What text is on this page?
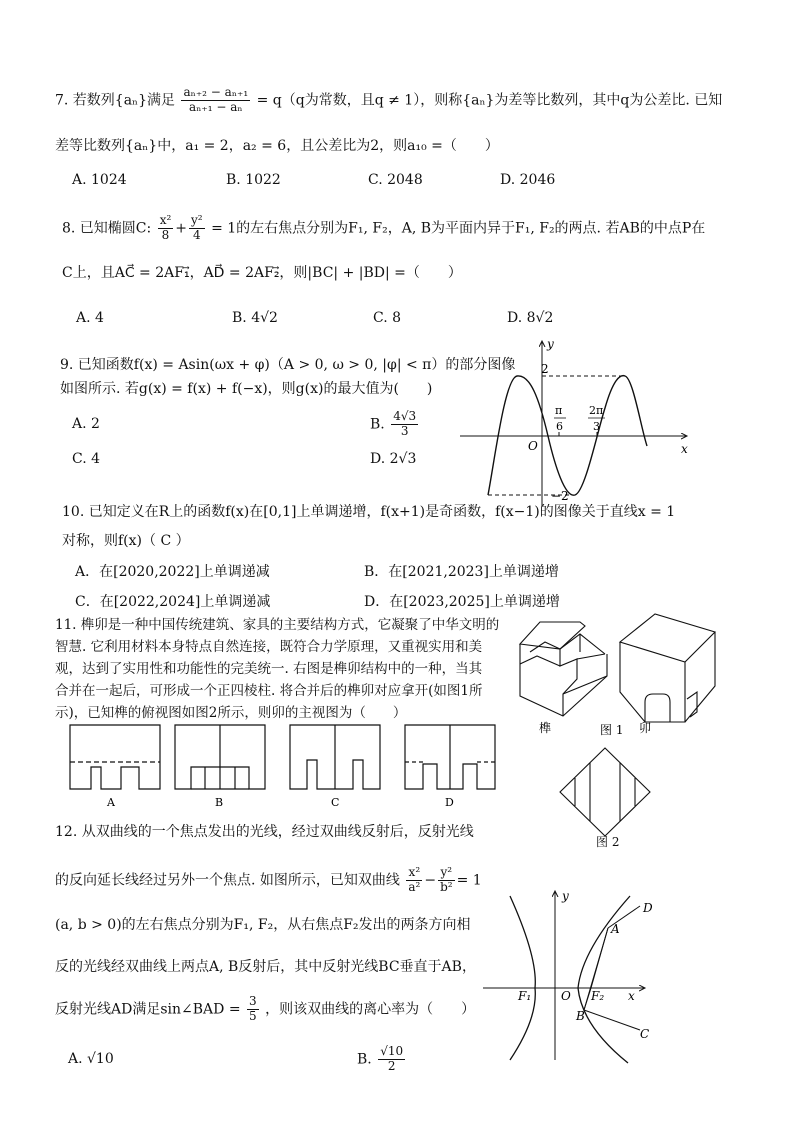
7. 若数列{aₙ}满足 $\frac{\text{aₙ₊₂ − aₙ₊₁}}{\text{aₙ₊₁ − aₙ}} = q(q$为常数，且q ≠ 1），则称{aₙ}为差等比数列，其中q为公差比. 已知
差等比数列{aₙ}中，a₁ = 2，a₂ = 6，且公差比为2，则a₁₀ =（　　）
A. 1024	B. 1022	C. 2048	D. 2046
8. 已知椭圆C: $\frac{\text{x²}}{8} + \frac{\text{y²}}{4} = 1$的左右焦点分别为F₁, F₂，A, B为平面内异于F₁, F₂的两点. 若AB的中点P在
C上，且AC⃗ = 2AF₁⃗，AD⃗ = 2AF₂⃗，则|BC| + |BD| =（　　）
A. 4	B. 4√2	C. 8	D. 8√2
9. 已知函数f(x) = Asin(ωx + φ)（A > 0, ω > 0, |φ| < π）的部分图像
如图所示. 若g(x) = f(x) + f(−x)，则g(x)的最大值为(　　)
A. 2	B. $\frac{4√3}{3}$
C. 4	D. 2√3
y
x
O
2
−2
π
6
2π
3
10. 已知定义在R上的函数f(x)在[0,1]上单调递增，f(x+1)是奇函数，f(x−1)的图像关于直线x = 1
对称，则f(x)（ C ）
A．在[2020,2022]上单调递减	B．在[2021,2023]上单调递增
C．在[2022,2024]上单调递减	D．在[2023,2025]上单调递增
11. 榫卯是一种中国传统建筑、家具的主要结构方式，它凝聚了中华文明的
智慧. 它利用材料本身特点自然连接，既符合力学原理，又重视实用和美
观，达到了实用性和功能性的完美统一. 右图是榫卯结构中的一种，当其
合并在一起后，可形成一个正四棱柱. 将合并后的榫卯对应拿开(如图1所
示)，已知榫的俯视图如图2所示，则卯的主视图为（　　）
A	B	C	D
榫	图 1 卯
图 2
12. 从双曲线的一个焦点发出的光线，经过双曲线反射后，反射光线
的反向延长线经过另外一个焦点. 如图所示，已知双曲线 $\frac{\text{x²}}{\text{a²}} - \frac{\text{y²}}{\text{b²}} = 1$
(a, b > 0)的左右焦点分别为F₁, F₂，从右焦点F₂发出的两条方向相
反的光线经双曲线上两点A, B反射后，其中反射光线BC垂直于AB，
反射光线AD满足sin∠BAD = $\frac{3}{5}$ ，则该双曲线的离心率为（　　）
A. √10	B. $\frac{√10}{2}$
y
x
O
F₁	F₂
A
B
C
D
